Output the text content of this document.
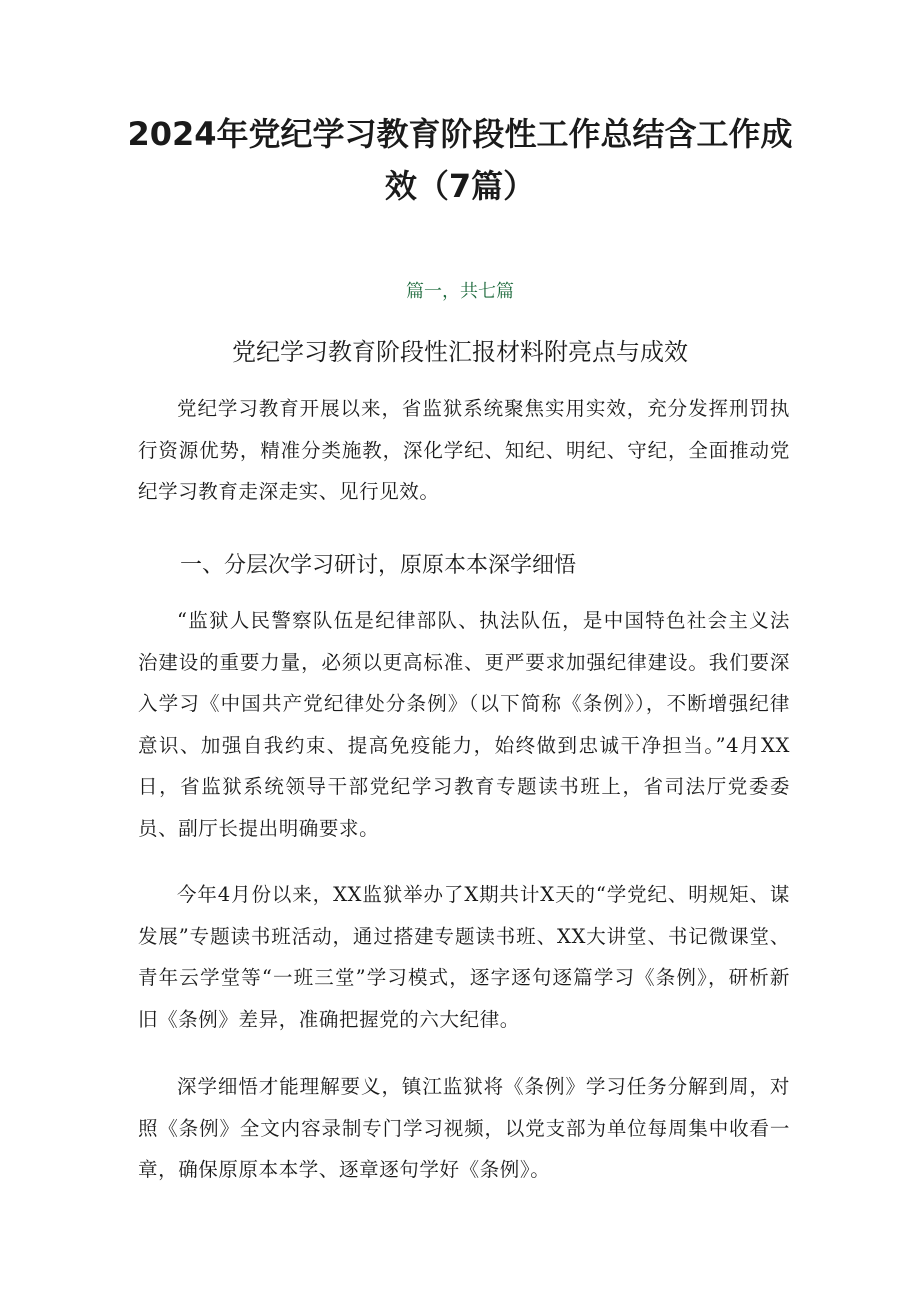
2024年党纪学习教育阶段性工作总结含工作成效（7篇）
篇一，共七篇
党纪学习教育阶段性汇报材料附亮点与成效

党纪学习教育开展以来，省监狱系统聚焦实用实效，充分发挥刑罚执行资源优势，精准分类施教，深化学纪、知纪、明纪、守纪，全面推动党纪学习教育走深走实、见行见效。

一、分层次学习研讨，原原本本深学细悟

“监狱人民警察队伍是纪律部队、执法队伍，是中国特色社会主义法治建设的重要力量，必须以更高标准、更严要求加强纪律建设。我们要深入学习《中国共产党纪律处分条例》（以下简称《条例》），不断增强纪律意识、加强自我约束、提高免疫能力，始终做到忠诚干净担当。”4月XX日，省监狱系统领导干部党纪学习教育专题读书班上，省司法厅党委委员、副厅长提出明确要求。

今年4月份以来，XX监狱举办了X期共计X天的“学党纪、明规矩、谋发展”专题读书班活动，通过搭建专题读书班、XX大讲堂、书记微课堂、青年云学堂等“一班三堂”学习模式，逐字逐句逐篇学习《条例》，研析新旧《条例》差异，准确把握党的六大纪律。

深学细悟才能理解要义，镇江监狱将《条例》学习任务分解到周，对照《条例》全文内容录制专门学习视频，以党支部为单位每周集中收看一章，确保原原本本学、逐章逐句学好《条例》。
